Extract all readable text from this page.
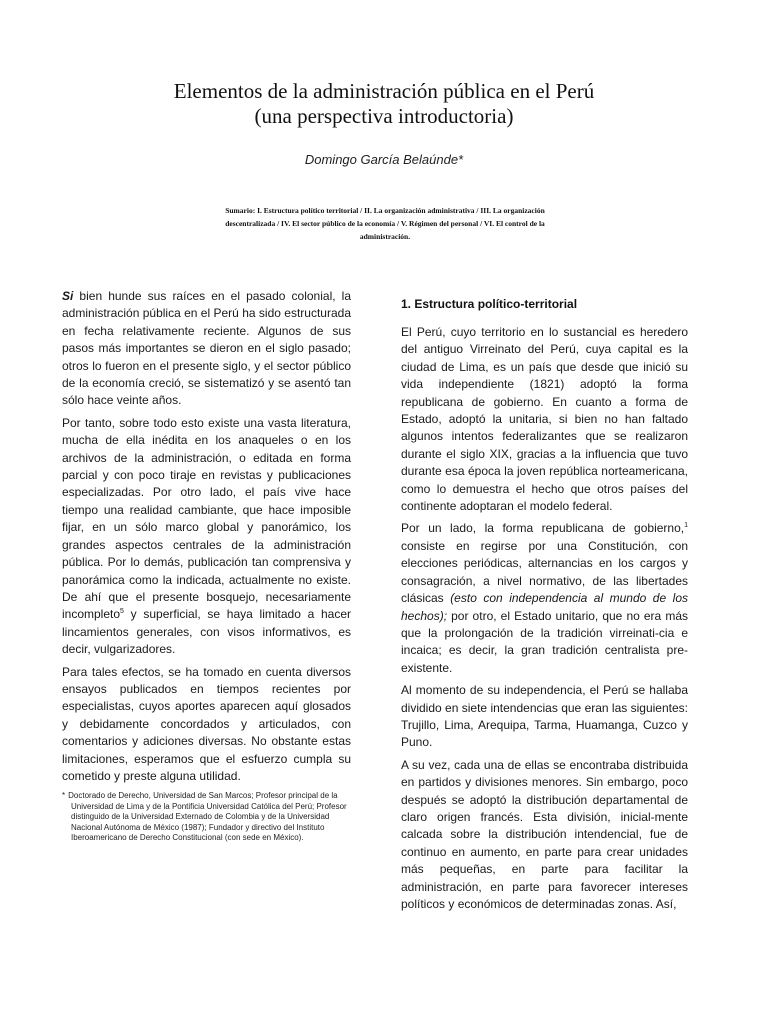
Elementos de la administración pública en el Perú
(una perspectiva introductoria)
Domingo García Belaúnde*
Sumario: I. Estructura político territorial / II. La organización administrativa / III. La organización descentralizada / IV. El sector público de la economía / V. Régimen del personal / VI. El control de la administración.

Si bien hunde sus raíces en el pasado colonial, la administración pública en el Perú ha sido estructurada en fecha relativamente reciente. Algunos de sus pasos más importantes se dieron en el siglo pasado; otros lo fueron en el presente siglo, y el sector público de la economía creció, se sistematizó y se asentó tan sólo hace veinte años.

Por tanto, sobre todo esto existe una vasta literatura, mucha de ella inédita en los anaqueles o en los archivos de la administración, o editada en forma parcial y con poco tiraje en revistas y publicaciones especializadas. Por otro lado, el país vive hace tiempo una realidad cambiante, que hace imposible fijar, en un sólo marco global y panorámico, los grandes aspectos centrales de la administración pública. Por lo demás, publicación tan comprensiva y panorámica como la indicada, actualmente no existe. De ahí que el presente bosquejo, necesariamente incompleto$^5$ y superficial, se haya limitado a hacer lincamientos generales, con visos informativos, es decir, vulgarizadores.

Para tales efectos, se ha tomado en cuenta diversos ensayos publicados en tiempos recientes por especialistas, cuyos aportes aparecen aquí glosados y debidamente concordados y articulados, con comentarios y adiciones diversas. No obstante estas limitaciones, esperamos que el esfuerzo cumpla su cometido y preste alguna utilidad.

* Doctorado de Derecho, Universidad de San Marcos; Profesor principal de la Universidad de Lima y de la Pontificia Universidad Católica del Perú; Profesor distinguido de la Universidad Externado de Colombia y de la Universidad Nacional Autónoma de México (1987); Fundador y directivo del Instituto Iberoamericano de Derecho Constitucional (con sede en México).
1. Estructura político-territorial

El Perú, cuyo territorio en lo sustancial es heredero del antiguo Virreinato del Perú, cuya capital es la ciudad de Lima, es un país que desde que inició su vida independiente (1821) adoptó la forma republicana de gobierno. En cuanto a forma de Estado, adoptó la unitaria, si bien no han faltado algunos intentos federalizantes que se realizaron durante el siglo XIX, gracias a la influencia que tuvo durante esa época la joven república norteamericana, como lo demuestra el hecho que otros países del continente adoptaran el modelo federal.

Por un lado, la forma republicana de gobierno,$^1$ consiste en regirse por una Constitución, con elecciones periódicas, alternancias en los cargos y consagración, a nivel normativo, de las libertades clásicas (esto con independencia al mundo de los hechos); por otro, el Estado unitario, que no era más que la prolongación de la tradición virreinati-cia e incaica; es decir, la gran tradición centralista pre-existente.

Al momento de su independencia, el Perú se hallaba dividido en siete intendencias que eran las siguientes: Trujillo, Lima, Arequipa, Tarma, Huamanga, Cuzco y Puno.

A su vez, cada una de ellas se encontraba distribuida en partidos y divisiones menores. Sin embargo, poco después se adoptó la distribución departamental de claro origen francés. Esta división, inicial-mente calcada sobre la distribución intendencial, fue de continuo en aumento, en parte para crear unidades más pequeñas, en parte para facilitar la administración, en parte para favorecer intereses políticos y económicos de determinadas zonas. Así,
